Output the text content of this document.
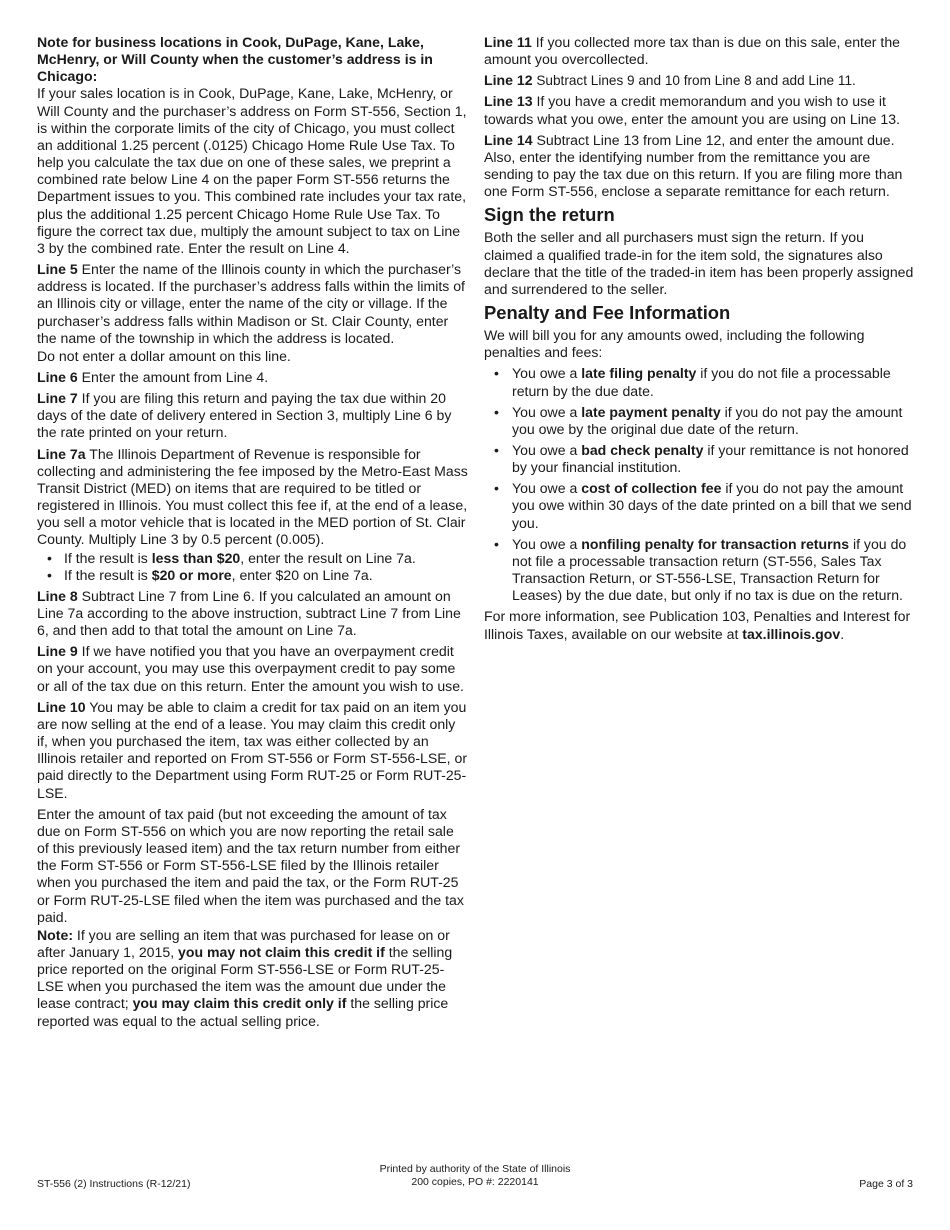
Note for business locations in Cook, DuPage, Kane, Lake, McHenry, or Will County when the customer’s address is in Chicago:

If your sales location is in Cook, DuPage, Kane, Lake, McHenry, or Will County and the purchaser’s address on Form ST-556, Section 1, is within the corporate limits of the city of Chicago, you must collect an additional 1.25 percent (.0125) Chicago Home Rule Use Tax. To help you calculate the tax due on one of these sales, we preprint a combined rate below Line 4 on the paper Form ST-556 returns the Department issues to you. This combined rate includes your tax rate, plus the additional 1.25 percent Chicago Home Rule Use Tax. To figure the correct tax due, multiply the amount subject to tax on Line 3 by the combined rate. Enter the result on Line 4.

Line 5 Enter the name of the Illinois county in which the purchaser’s address is located. If the purchaser’s address falls within the limits of an Illinois city or village, enter the name of the city or village. If the purchaser’s address falls within Madison or St. Clair County, enter the name of the township in which the address is located.

Do not enter a dollar amount on this line.

Line 6 Enter the amount from Line 4.

Line 7 If you are filing this return and paying the tax due within 20 days of the date of delivery entered in Section 3, multiply Line 6 by the rate printed on your return.

Line 7a The Illinois Department of Revenue is responsible for collecting and administering the fee imposed by the Metro-East Mass Transit District (MED) on items that are required to be titled or registered in Illinois. You must collect this fee if, at the end of a lease, you sell a motor vehicle that is located in the MED portion of St. Clair County. Multiply Line 3 by 0.5 percent (0.005).

• If the result is less than $20, enter the result on Line 7a.
• If the result is $20 or more, enter $20 on Line 7a.

Line 8 Subtract Line 7 from Line 6. If you calculated an amount on Line 7a according to the above instruction, subtract Line 7 from Line 6, and then add to that total the amount on Line 7a.

Line 9 If we have notified you that you have an overpayment credit on your account, you may use this overpayment credit to pay some or all of the tax due on this return. Enter the amount you wish to use.

Line 10 You may be able to claim a credit for tax paid on an item you are now selling at the end of a lease. You may claim this credit only if, when you purchased the item, tax was either collected by an Illinois retailer and reported on From ST-556 or Form ST-556-LSE, or paid directly to the Department using Form RUT-25 or Form RUT-25-LSE.

Enter the amount of tax paid (but not exceeding the amount of tax due on Form ST-556 on which you are now reporting the retail sale of this previously leased item) and the tax return number from either the Form ST-556 or Form ST-556-LSE filed by the Illinois retailer when you purchased the item and paid the tax, or the Form RUT-25 or Form RUT-25-LSE filed when the item was purchased and the tax paid.

Note: If you are selling an item that was purchased for lease on or after January 1, 2015, you may not claim this credit if the selling price reported on the original Form ST-556-LSE or Form RUT-25-LSE when you purchased the item was the amount due under the lease contract; you may claim this credit only if the selling price reported was equal to the actual selling price.

Line 11 If you collected more tax than is due on this sale, enter the amount you overcollected.

Line 12 Subtract Lines 9 and 10 from Line 8 and add Line 11.

Line 13 If you have a credit memorandum and you wish to use it towards what you owe, enter the amount you are using on Line 13.

Line 14 Subtract Line 13 from Line 12, and enter the amount due. Also, enter the identifying number from the remittance you are sending to pay the tax due on this return. If you are filing more than one Form ST-556, enclose a separate remittance for each return.

Sign the return

Both the seller and all purchasers must sign the return. If you claimed a qualified trade-in for the item sold, the signatures also declare that the title of the traded-in item has been properly assigned and surrendered to the seller.

Penalty and Fee Information

We will bill you for any amounts owed, including the following penalties and fees:

• You owe a late filing penalty if you do not file a processable return by the due date.
• You owe a late payment penalty if you do not pay the amount you owe by the original due date of the return.
• You owe a bad check penalty if your remittance is not honored by your financial institution.
• You owe a cost of collection fee if you do not pay the amount you owe within 30 days of the date printed on a bill that we send you.
• You owe a nonfiling penalty for transaction returns if you do not file a processable transaction return (ST-556, Sales Tax Transaction Return, or ST-556-LSE, Transaction Return for Leases) by the due date, but only if no tax is due on the return.

For more information, see Publication 103, Penalties and Interest for Illinois Taxes, available on our website at tax.illinois.gov.

ST-556 (2) Instructions (R-12/21)
Printed by authority of the State of Illinois
200 copies, PO #: 2220141	Page 3 of 3
